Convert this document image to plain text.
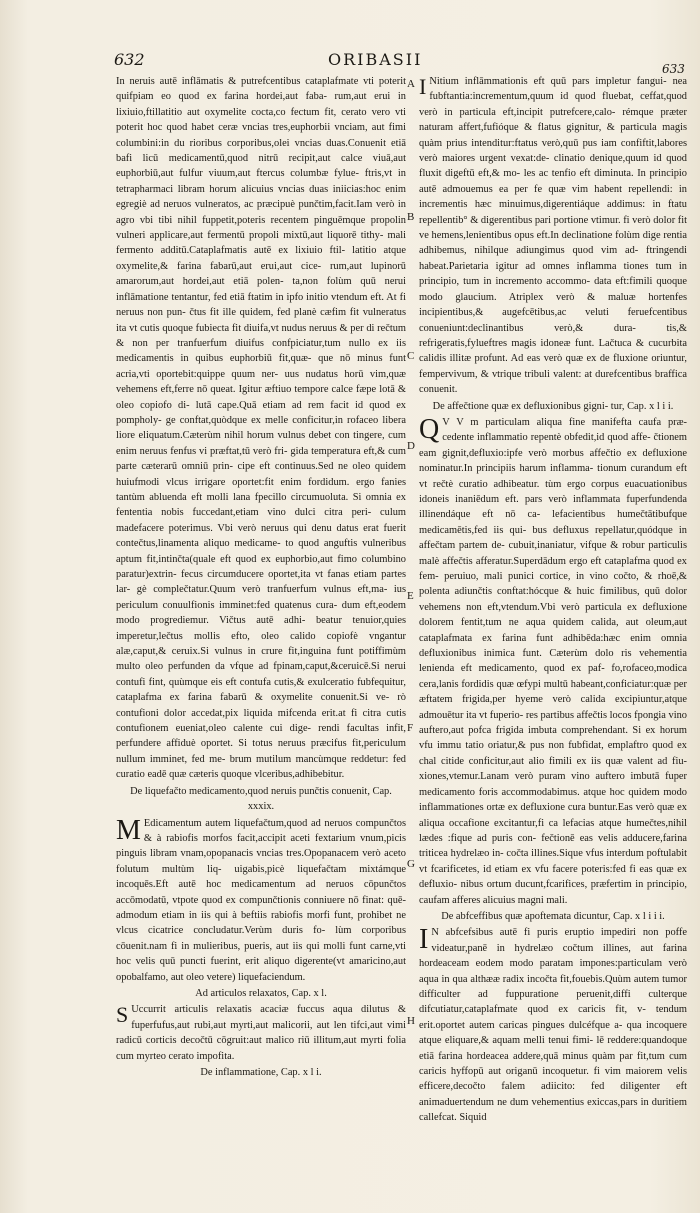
632	ORIBASII	633
A
B
C
D
E
F
G
H

In neruis autē inflāmatis & putrefcentibus cataplafmate vti poterit quifpiam eo quod ex farina hordei,aut faba- rum,aut erui in lixiuio,ftillatitio aut oxymelite cocta,co fectum fit, cerato vero vti poterit hoc quod habet ceræ vncias tres,euphorbii vnciam, aut fimi columbini:in du rioribus corporibus,olei vncias duas.Conuenit etiā bafi licū medicamentū,quod nitrū recipit,aut calce viuā,aut euphorbiū,aut fulfur viuum,aut ftercus columbæ fylue- ftris,vt in tetrapharmaci libram horum alicuius vncias duas iniicias:hoc enim egregiè ad neruos vulneratos, ac præcipuè punčtim,facit.Iam verò in agro vbi tibi nihil fuppetit,poteris recentem pinguēmque propolin vulneri applicare,aut fermentū propoli mixtū,aut liquorē tithy- mali fermento additū.Cataplafmatis autē ex lixiuio ftil- latitio atque oxymelite,& farina fabarū,aut erui,aut cice- rum,aut lupinorū amarorum,aut hordei,aut etiā polen- ta,non folùm quū nerui inflāmatione tentantur, fed etiā ftatim in ipfo initio vtendum eft. At fi neruus non pun- čtus fit ille quidem, fed planè cæfim fit vulneratus ita vt cutis quoque fubiecta fit diuifa,vt nudus neruus & per di rečtum & non per tranfuerfum diuifus confpiciatur,tum nullo ex iis medicamentis in quibus euphorbiū fit,quæ- que nō minus funt acria,vti oportebit:quippe quum ner- uus nudatus horū vim,quæ vehemens eft,ferre nō queat. Igitur æftiuo tempore calce fæpe lotā & oleo copiofo di- lutā cape.Quā etiam ad rem facit id quod ex pompholy- ge conftat,quòdque ex melle conficitur,in rofaceo libera liore eliquatum.Cæterùm nihil horum vulnus debet con tingere, cum enim neruus fenfus vi præftat,tū verò fri- gida temperatura eft,& cum parte cæterarū omniū prin- cipe eft continuus.Sed ne oleo quidem huiufmodi vlcus irrigare oportet:fit enim fordidum. ergo fanies tantùm abluenda eft molli lana fpecillo circumuoluta. Si omnia ex fententia nobis fuccedant,etiam vino dulci citra peri- culum madefacere poterimus. Vbi verò neruus qui denu datus erat fuerit contečtus,linamenta aliquo medicame- to quod anguftis vulneribus aptum fit,intinčta(quale eft quod ex euphorbio,aut fimo columbino paratur)extrin- fecus circumducere oportet,ita vt fanas etiam partes lar- gè complečtatur.Quum verò tranfuerfum vulnus eft,ma- ius periculum conuulfionis imminet:fed quatenus cura- dum eft,eodem modo progrediemur. Vičtus autē adhi- beatur tenuior,quies imperetur,lečtus mollis efto, oleo calido copiofè vngantur alæ,caput,& ceruix.Si vulnus in crure fit,inguina funt potiffimùm multo oleo perfunden da vfque ad fpinam,caput,&ceruicē.Si nerui contufi fint, quùmque eis eft contufa cutis,& exulceratio fubfequitur, cataplafma ex farina fabarū & oxymelite conuenit.Si ve- rò contufioni dolor accedat,pix liquida mifcenda erit.at fi citra cutis contufionem eueniat,oleo calente cui dige- rendi facultas infit, perfundere affiduè oportet. Si totus neruus præcifus fit,periculum nullum imminet, fed me- brum mutilum mancùmque reddetur: fed curatio eadē quæ cæteris quoque vlceribus,adhibebitur.

De liquefačto medicamento,quod neruis punčtis conuenit, Cap. xxxix.

M Edicamentum autem liquefačtum,quod ad neruos compunčtos & à rabiofis morfos facit,accipit aceti fextarium vnum,picis pinguis libram vnam,opopanacis vncias tres.Opopanacem verò aceto folutum multùm liq- uigabis,picè liquefačtam mixtámque incoquēs.Eft autē hoc medicamentum ad neruos cōpunčtos accōmodatū, vtpote quod ex compunčtionis conniuere nō finat: quē- admodum etiam in iis qui à beftiis rabiofis morfi funt, prohibet ne vlcus cicatrice concludatur.Verùm duris fo- lùm corporibus cōuenit.nam fi in mulieribus, pueris, aut iis qui molli funt carne,vti hoc velis quū puncti fuerint, erit aliquo digerente(vt amaricino,aut opobalfamo, aut oleo vetere) liquefaciendum.

Ad articulos relaxatos, Cap. x l.

S Uccurrit articulis relaxatis acaciæ fuccus aqua dilutus & fuperfufus,aut rubi,aut myrti,aut malicorii, aut len tifci,aut vimi radicū corticis decočtū cōgruit:aut malico riū illitum,aut myrti folia cum myrteo cerato impofita.

De inflammatione, Cap. x l i.

I Nitium inflāmmationis eft quū pars impletur fangui- nea fubftantia:incrementum,quum id quod fluebat, ceffat,quod verò in particula eft,incipit putrefcere,calo- rémque præter naturam affert,fufióque & flatus gignitur, & particula magis quàm prius intenditur:ftatus verò,quū pus iam confiftit,labores verò maiores urgent vexat:de- clinatio denique,quum id quod fluxit digeftū eft,& mo- les ac tenfio eft diminuta. In principio autē admouemus ea per fe quæ vim habent repellendi: in incrementis hæc minuimus,digerentiáque addimus: in ftatu repellentib° & digerentibus pari portione vtimur. fi verò dolor fit ve hemens,lenientibus opus eft.In declinatione folùm dige rentia adhibemus, nihilque adiungimus quod vim ad- ftringendi habeat.Parietaria igitur ad omnes inflamma tiones tum in principio, tum in incremento accommo- data eft:fimili quoque modo glaucium. Atriplex verò & maluæ hortenfes incipientibus,& augefcētibus,ac veluti feruefcentibus conueniunt:declinantibus verò,& dura- tis,& refrigeratis,fylueftres magis idoneæ funt. Lačtuca & cucurbita calidis illitæ profunt. Ad eas verò quæ ex de fluxione oriuntur, fempervivum, & vtrique tribuli valent: at durefcentibus braffica conuenit.

De affečtione quæ ex defluxionibus gigni- tur, Cap. x l i i.

Q V V m particulam aliqua fine manifefta caufa præ- cedente inflammatio repentè obfedit,id quod affe- čtionem eam gignit,defluxio:ipfe verò morbus affečtio ex defluxione nominatur.In principiis harum inflamma- tionum curandum eft vt rečtè curatio adhibeatur. tùm ergo corpus euacuationibus idoneis inaniēdum eft. pars verò inflammata fuperfundenda illinendáque eft nō ca- lefacientibus humečtātibufque medicamētis,fed iis qui- bus defluxus repellatur,quódque in affečtam partem de- cubuit,inaniatur, vifque & robur particulis malè affečtis afferatur.Superdādum ergo eft cataplafma quod ex fem- peruiuo, mali punici cortice, in vino cočto, & rhoē,& polenta adiunčtis conftat:hócque & huic fimilibus, quū dolor vehemens non eft,vtendum.Vbi verò particula ex defluxione dolorem fentit,tum ne aqua quidem calida, aut oleum,aut cataplafmata ex farina funt adhibēda:hæc enim omnia defluxionibus inimica funt. Cæterùm dolo ris vehementia lenienda eft medicamento, quod ex paf- fo,rofaceo,modica cera,lanis fordidis quæ œfypi multū habeant,conficiatur:quæ per æftatem frigida,per hyeme verò calida excipiuntur,atque admouētur ita vt fuperio- res partibus affečtis locos fpongia vino auftero,aut pofca frigida imbuta comprehendant. Si ex horum vfu immu tatio oriatur,& pus non fubfidat, emplaftro quod ex chal citide conficitur,aut alio fimili ex iis quæ valent ad fiu- xiones,vtemur.Lanam verò puram vino auftero imbutā fuper medicamento foris accommodabimus. atque hoc quidem modo inflammationes ortæ ex defluxione cura buntur.Eas verò quæ ex aliqua occafione excitantur,fi ca lefacias atque humečtes,nihil lædes :fique ad puris con- fečtionē eas velis adducere,farina triticea hydrelæo in- cočta illines.Sique vfus interdum poftulabit vt fcarificetes, id etiam ex vfu facere poteris:fed fi eas quæ ex defluxio- nibus ortum ducunt,fcarifices, præfertim in principio, caufam afferes alicuius magni mali.

De abfceffibus quæ apoftemata dicuntur, Cap. x l i i i.

I N abfcefsibus autē fi puris eruptio impediri non poffe videatur,panē in hydrelæo cočtum illines, aut farina hordeaceam eodem modo paratam impones:particulam verò aqua in qua althææ radix incočta fit,fouebis.Quùm autem tumor difficulter ad fuppuratione peruenit,diffi culterque difcutiatur,cataplafmate quod ex caricis fit, v- tendum erit.oportet autem caricas pingues dulcéfque a- qua incoquere atque eliquare,& aquam melli tenui fimi- lē reddere:quandoque etiā farina hordeacea addere,quā minus quàm par fit,tum cum caricis hyffopū aut origanū incoquetur. fi vim maiorem velis efficere,decočto falem adiicito: fed diligenter eft animaduertendum ne dum vehementius exiccas,pars in duritiem callefcat. Siquid
